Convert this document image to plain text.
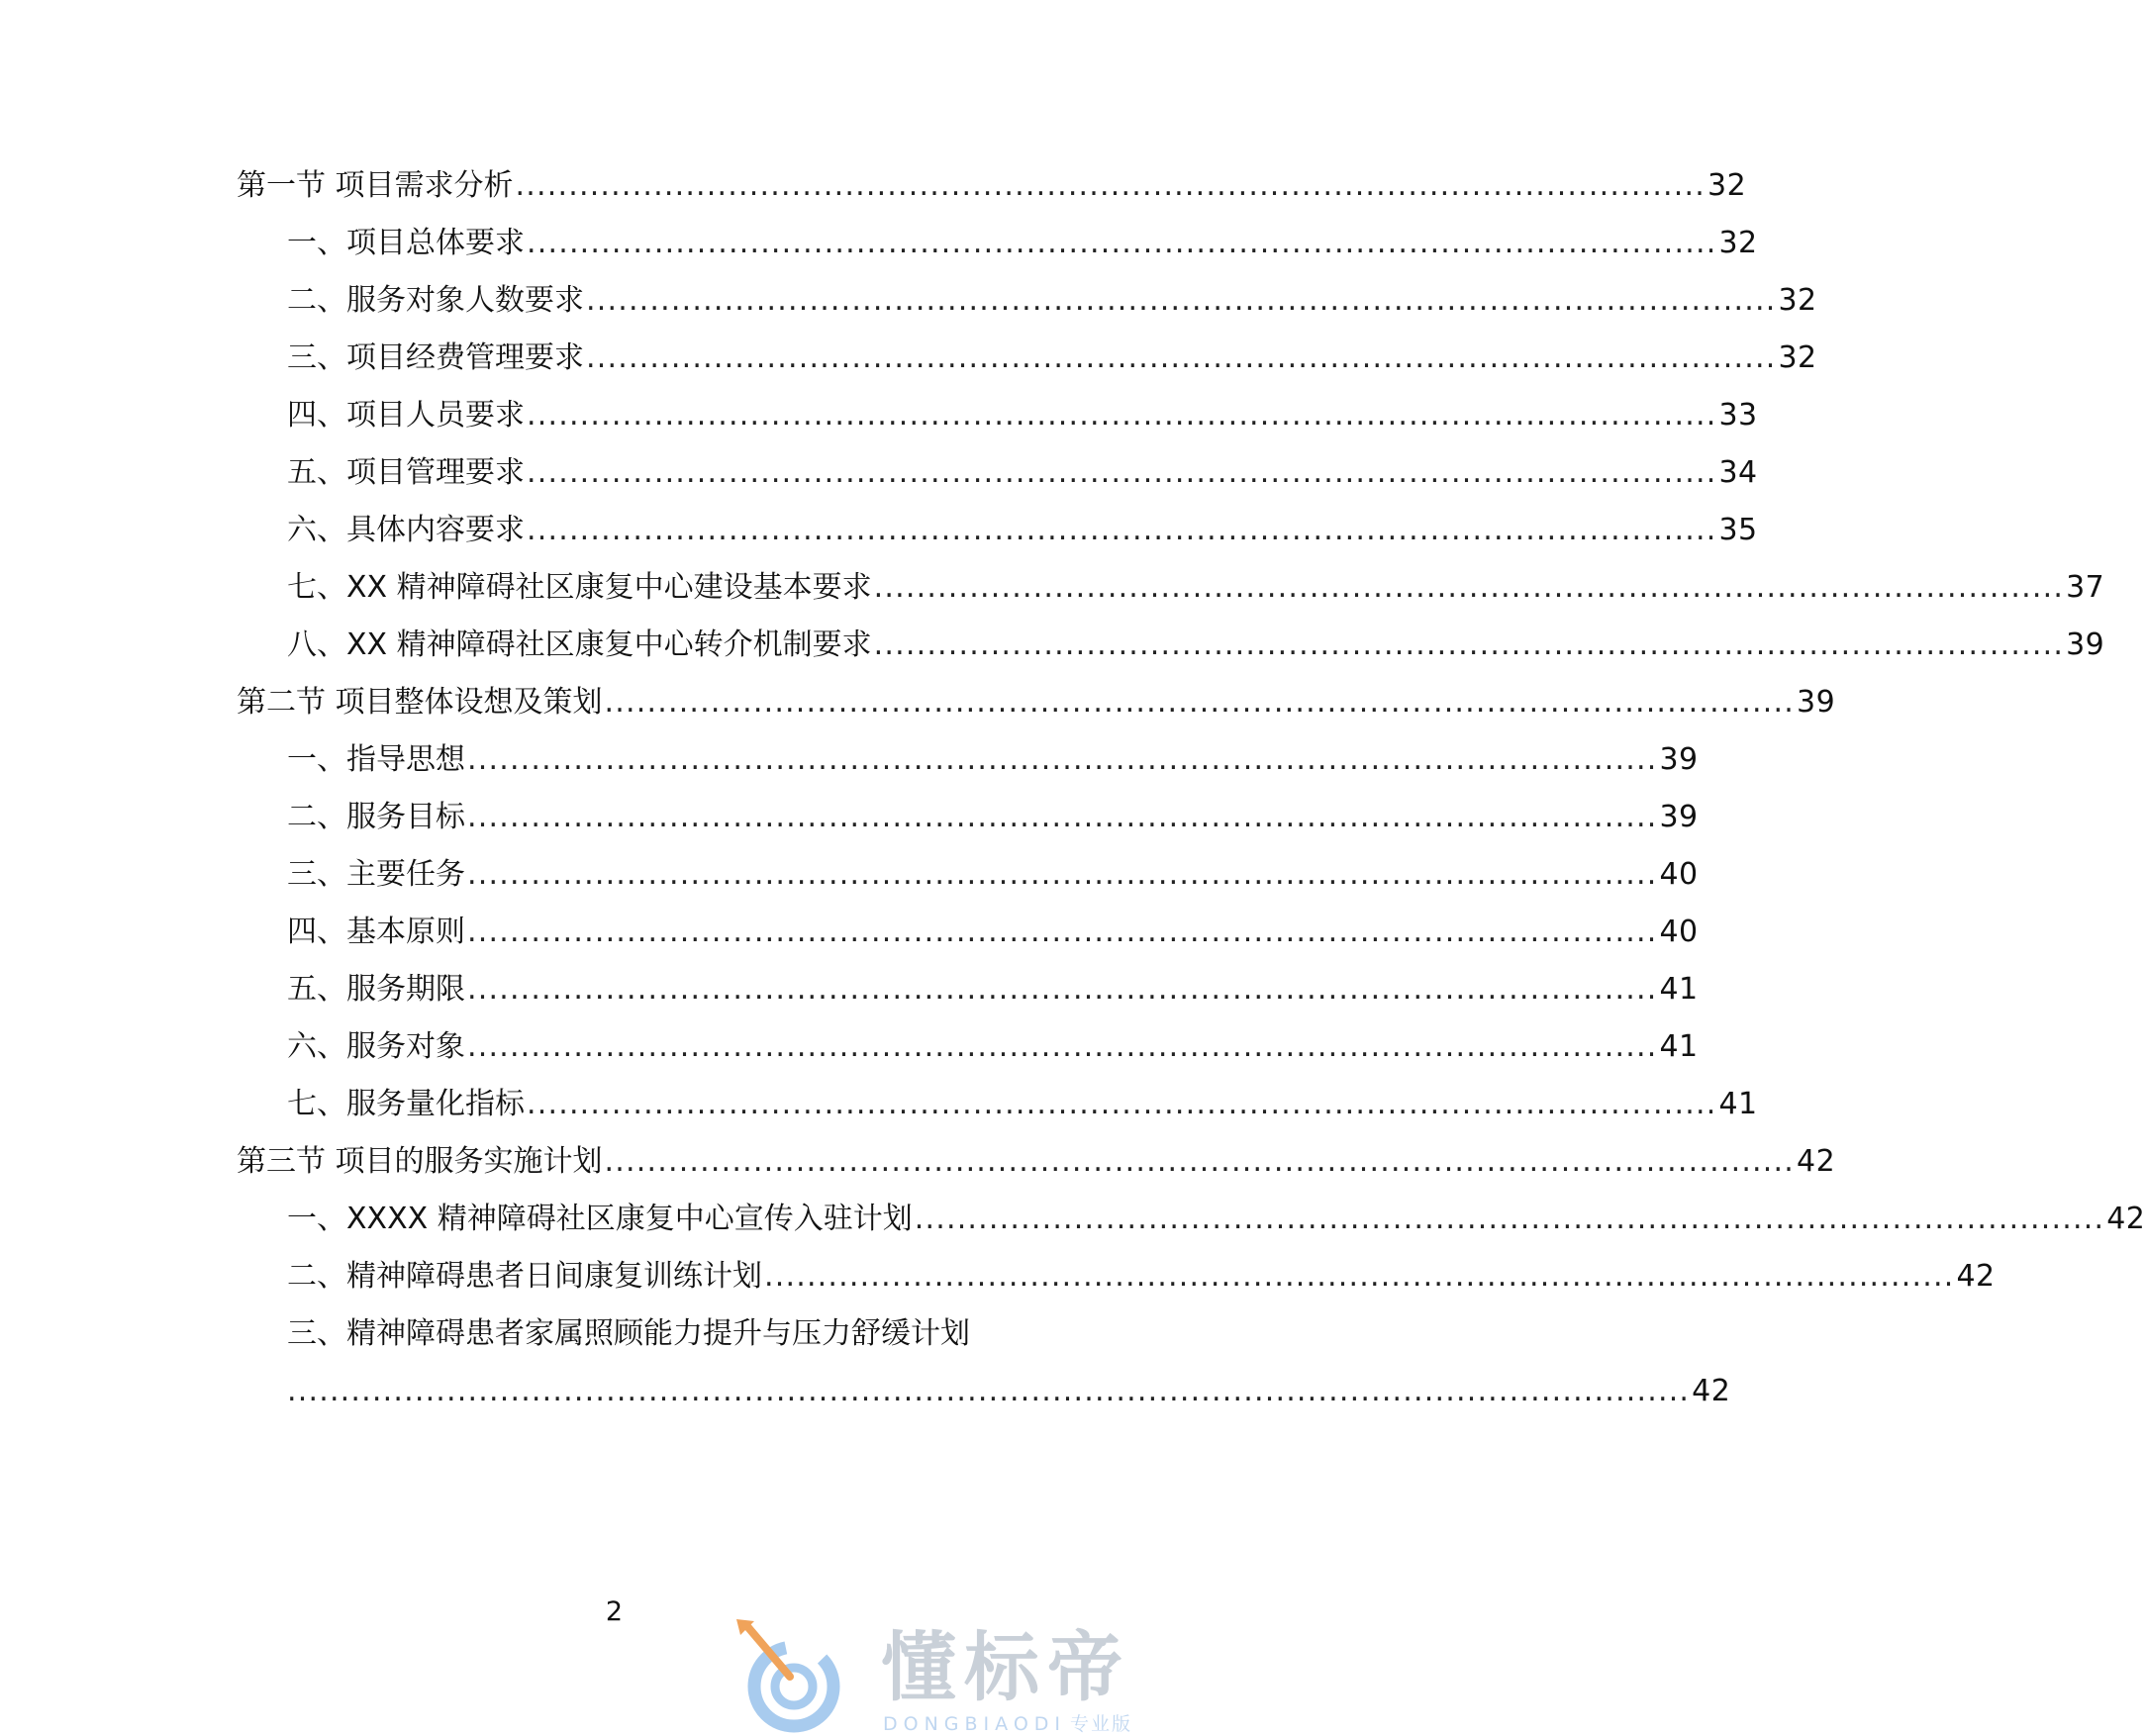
第一节 项目需求分析 ................................................................................................................ 32
一、项目总体要求 ................................................................................................................ 32
二、服务对象人数要求 ................................................................................................................ 32
三、项目经费管理要求 ................................................................................................................ 32
四、项目人员要求 ................................................................................................................ 33
五、项目管理要求 ................................................................................................................ 34
六、具体内容要求 ................................................................................................................ 35
七、XX 精神障碍社区康复中心建设基本要求 ................................................................................................................ 37
八、XX 精神障碍社区康复中心转介机制要求 ................................................................................................................ 39
第二节 项目整体设想及策划 ................................................................................................................ 39
一、指导思想 ................................................................................................................ 39
二、服务目标 ................................................................................................................ 39
三、主要任务 ................................................................................................................ 40
四、基本原则 ................................................................................................................ 40
五、服务期限 ................................................................................................................ 41
六、服务对象 ................................................................................................................ 41
七、服务量化指标 ................................................................................................................ 41
第三节 项目的服务实施计划 ................................................................................................................ 42
一、XXXX 精神障碍社区康复中心宣传入驻计划 ................................................................................................................ 42
二、精神障碍患者日间康复训练计划 ................................................................................................................ 42
三、精神障碍患者家属照顾能力提升与压力舒缓计划
.................................................................................................................................... 42
2
懂标帝
DONGBIAODI 专业版
